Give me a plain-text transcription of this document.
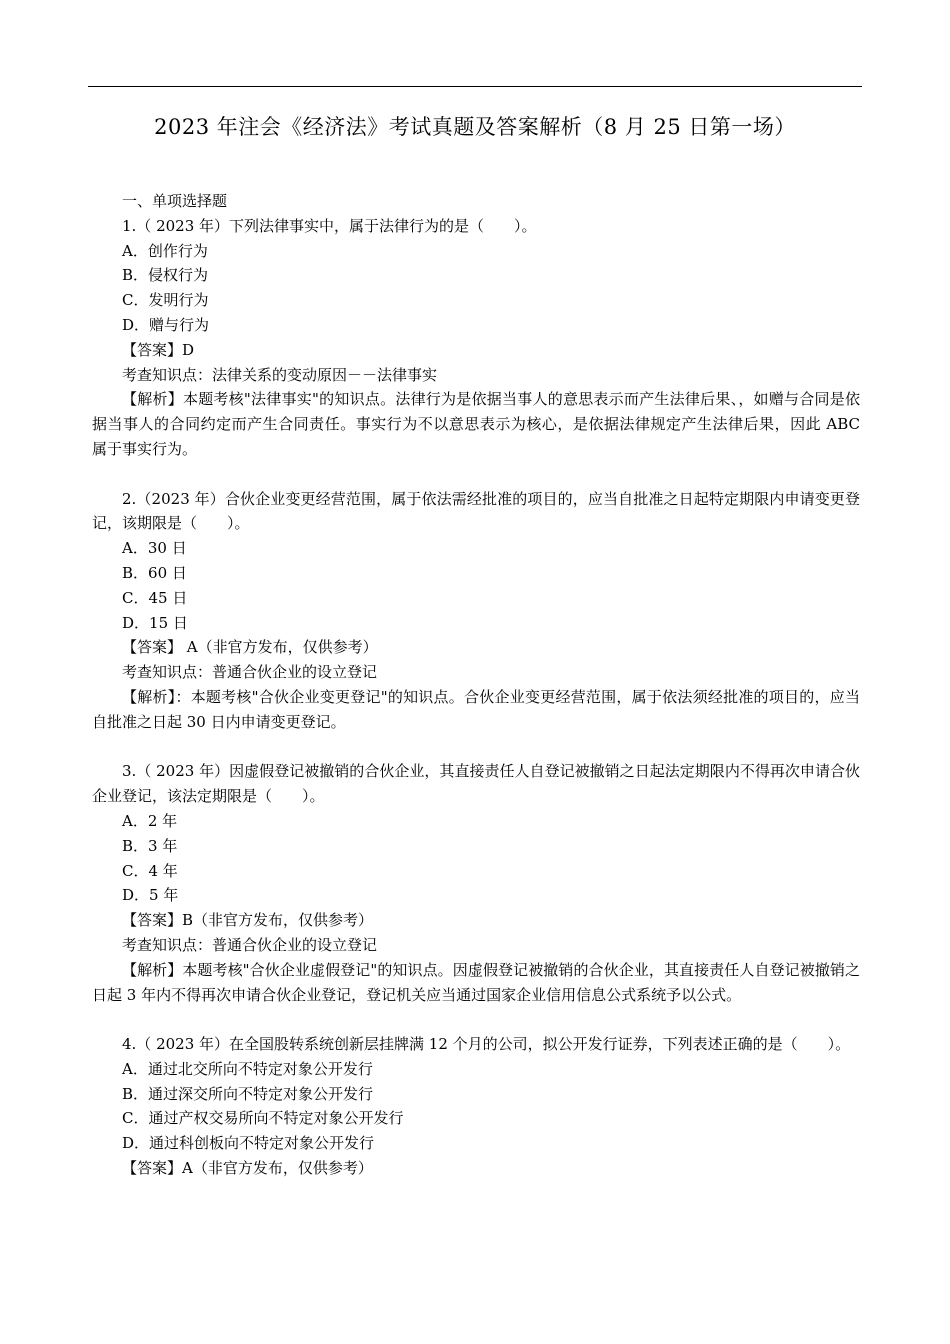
2023 年注会《经济法》考试真题及答案解析（8 月 25 日第一场）
一、单项选择题
1.（ 2023 年）下列法律事实中，属于法律行为的是（　　）。
A．创作行为
B．侵权行为
C．发明行为
D．赠与行为
【答案】D
考查知识点：法律关系的变动原因－－法律事实

【解析】本题考核"法律事实"的知识点。法律行为是依据当事人的意思表示而产生法律后果、，如赠与合同是依据当事人的合同约定而产生合同责任。事实行为不以意思表示为核心，是依据法律规定产生法律后果，因此 ABC　属于事实行为。

2.（2023 年）合伙企业变更经营范围，属于依法需经批准的项目的，应当自批准之日起特定期限内申请变更登记，该期限是（　　）。

A．30 日
B．60 日
C．45 日
D．15 日
【答案】 A（非官方发布，仅供参考）
考查知识点：普通合伙企业的设立登记

【解析】：本题考核"合伙企业变更登记"的知识点。合伙企业变更经营范围，属于依法须经批准的项目的，应当自批准之日起 30 日内申请变更登记。

3.（ 2023 年）因虚假登记被撤销的合伙企业，其直接责任人自登记被撤销之日起法定期限内不得再次申请合伙企业登记，该法定期限是（　　）。

A．2 年
B．3 年
C．4 年
D．5 年
【答案】B（非官方发布，仅供参考）
考查知识点：普通合伙企业的设立登记

【解析】本题考核"合伙企业虚假登记"的知识点。因虚假登记被撤销的合伙企业，其直接责任人自登记被撤销之日起 3 年内不得再次申请合伙企业登记，登记机关应当通过国家企业信用信息公式系统予以公式。

4.（ 2023 年）在全国股转系统创新层挂牌满 12 个月的公司，拟公开发行证券，下列表述正确的是（　　）。

A．通过北交所向不特定对象公开发行
B．通过深交所向不特定对象公开发行
C．通过产权交易所向不特定对象公开发行
D．通过科创板向不特定对象公开发行
【答案】A（非官方发布，仅供参考）
